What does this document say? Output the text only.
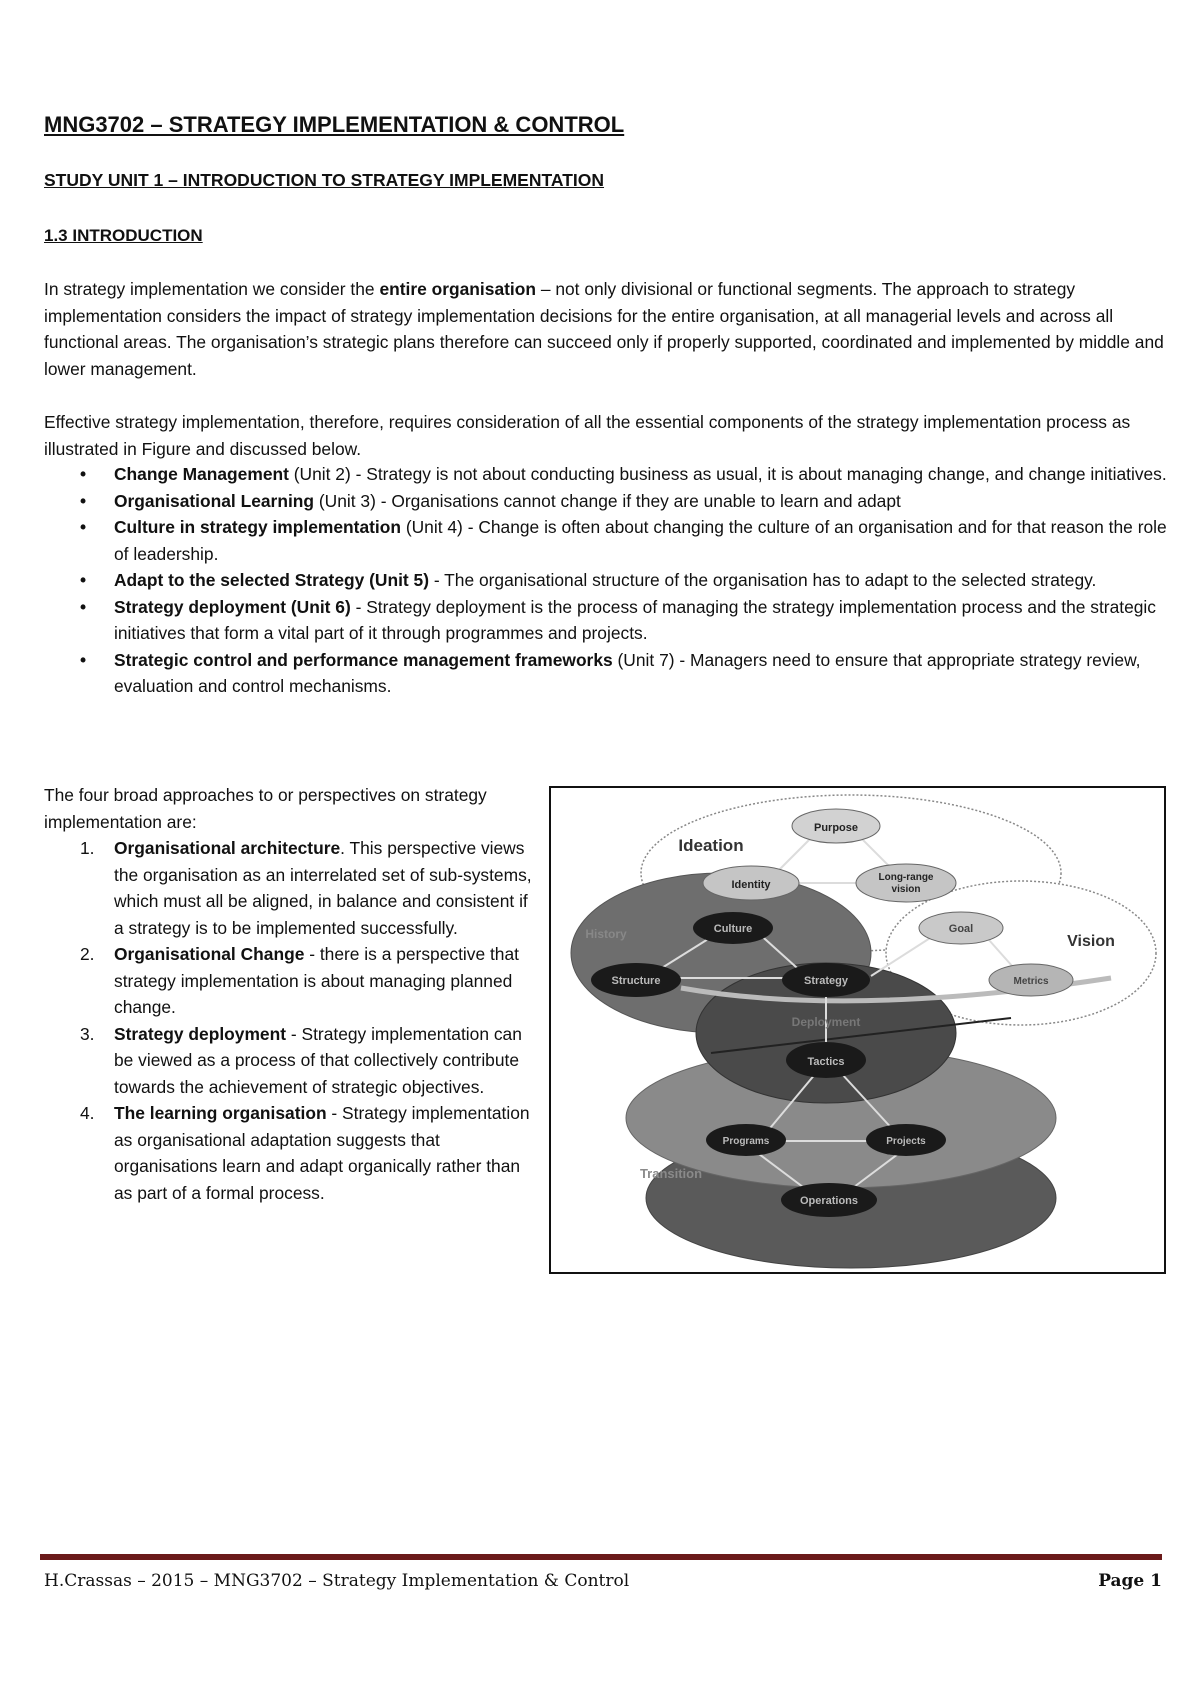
MNG3702 – STRATEGY IMPLEMENTATION & CONTROL
STUDY UNIT 1 – INTRODUCTION TO STRATEGY IMPLEMENTATION
1.3 INTRODUCTION

In strategy implementation we consider the entire organisation – not only divisional or functional segments. The approach to strategy implementation considers the impact of strategy implementation decisions for the entire organisation, at all managerial levels and across all functional areas. The organisation’s strategic plans therefore can succeed only if properly supported, coordinated and implemented by middle and lower management.

Effective strategy implementation, therefore, requires consideration of all the essential components of the strategy implementation process as illustrated in Figure and discussed below.

• Change Management (Unit 2) - Strategy is not about conducting business as usual, it is about managing change, and change initiatives.
• Organisational Learning (Unit 3) - Organisations cannot change if they are unable to learn and adapt
• Culture in strategy implementation (Unit 4) - Change is often about changing the culture of an organisation and for that reason the role of leadership.
• Adapt to the selected Strategy (Unit 5) - The organisational structure of the organisation has to adapt to the selected strategy.
• Strategy deployment (Unit 6) - Strategy deployment is the process of managing the strategy implementation process and the strategic initiatives that form a vital part of it through programmes and projects.
• Strategic control and performance management frameworks (Unit 7) - Managers need to ensure that appropriate strategy review, evaluation and control mechanisms.
The four broad approaches to or perspectives on strategy implementation are:
1. Organisational architecture. This perspective views the organisation as an interrelated set of sub-systems, which must all be aligned, in balance and consistent if a strategy is to be implemented successfully.
2. Organisational Change - there is a perspective that strategy implementation is about managing planned change.
3. Strategy deployment - Strategy implementation can be viewed as a process of that collectively contribute towards the achievement of strategic objectives.
4. The learning organisation - Strategy implementation as organisational adaptation suggests that organisations learn and adapt organically rather than as part of a formal process.
Ideation
Vision
Purpose
Identity
Long-range
vision
Goal
Metrics
Culture
Structure	Strategy
Deployment
Tactics
Programs	Projects
Transition
Operations
History
H.Crassas – 2015 – MNG3702 – Strategy Implementation & Control	Page 1
